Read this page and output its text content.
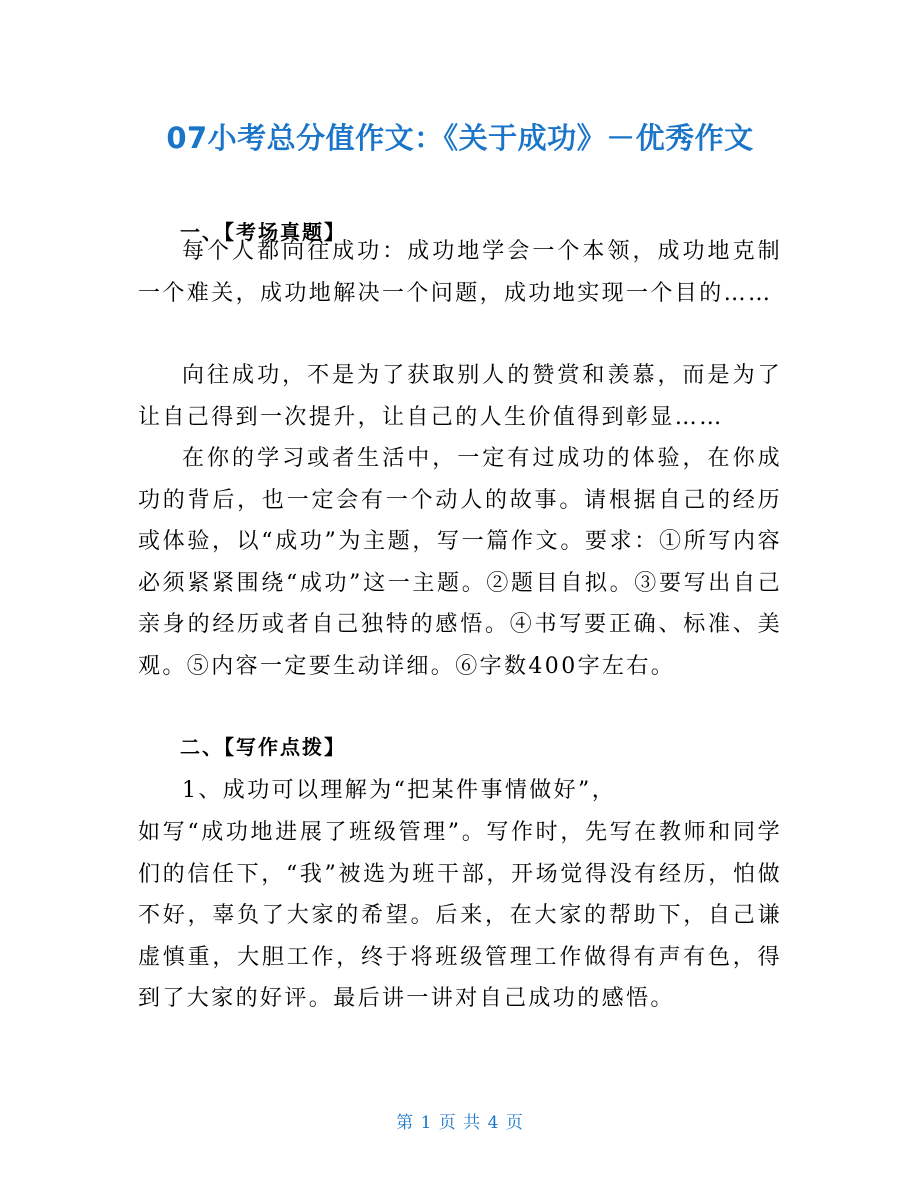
07小考总分值作文：《关于成功》－优秀作文
一、【考场真题】

每个人都向往成功：成功地学会一个本领，成功地克制一个难关，成功地解决一个问题，成功地实现一个目的……

向往成功，不是为了获取别人的赞赏和羡慕，而是为了让自己得到一次提升，让自己的人生价值得到彰显……

在你的学习或者生活中，一定有过成功的体验，在你成功的背后，也一定会有一个动人的故事。请根据自己的经历或体验，以“成功”为主题，写一篇作文。要求：①所写内容必须紧紧围绕“成功”这一主题。②题目自拟。③要写出自己亲身的经历或者自己独特的感悟。④书写要正确、标准、美观。⑤内容一定要生动详细。⑥字数400字左右。

二、【写作点拨】

1、成功可以理解为“把某件事情做好”，

如写“成功地进展了班级管理”。写作时，先写在教师和同学们的信任下，“我”被选为班干部，开场觉得没有经历，怕做不好，辜负了大家的希望。后来，在大家的帮助下，自己谦虚慎重，大胆工作，终于将班级管理工作做得有声有色，得到了大家的好评。最后讲一讲对自己成功的感悟。

第 1 页 共 4 页
